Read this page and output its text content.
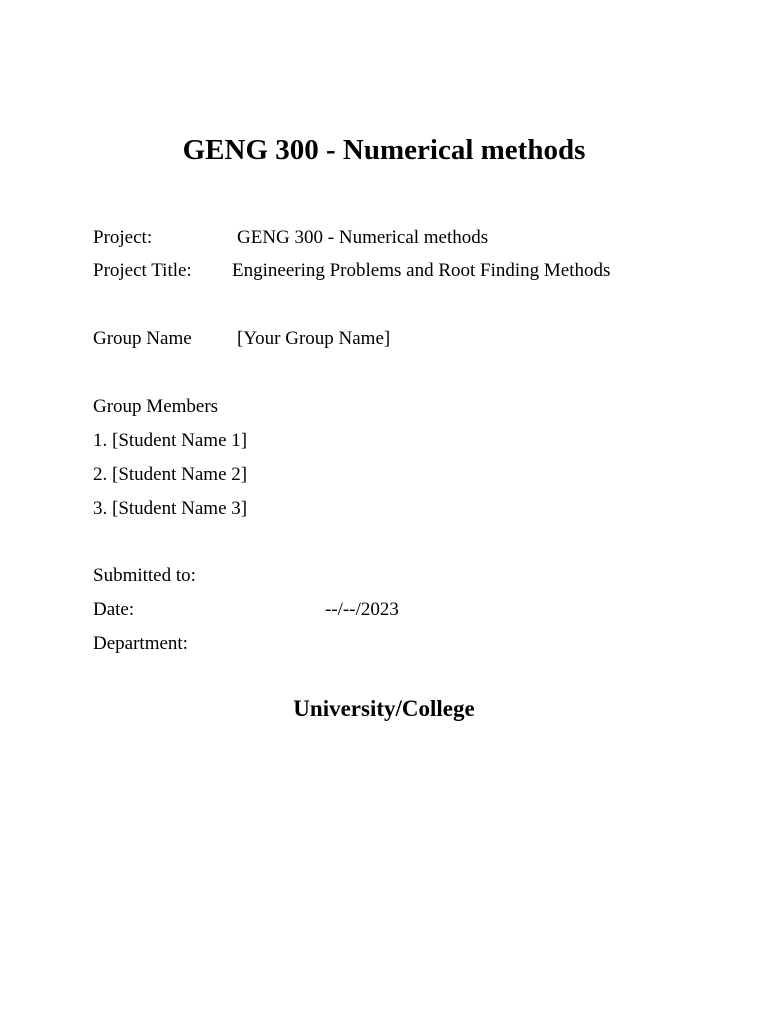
GENG 300 - Numerical methods
Project:	GENG 300 - Numerical methods
Project Title: Engineering Problems and Root Finding Methods
Group Name [Your Group Name]
Group Members
1. [Student Name 1]
2. [Student Name 2]
3. [Student Name 3]
Submitted to:
Date:	--/--/2023
Department:
University/College
